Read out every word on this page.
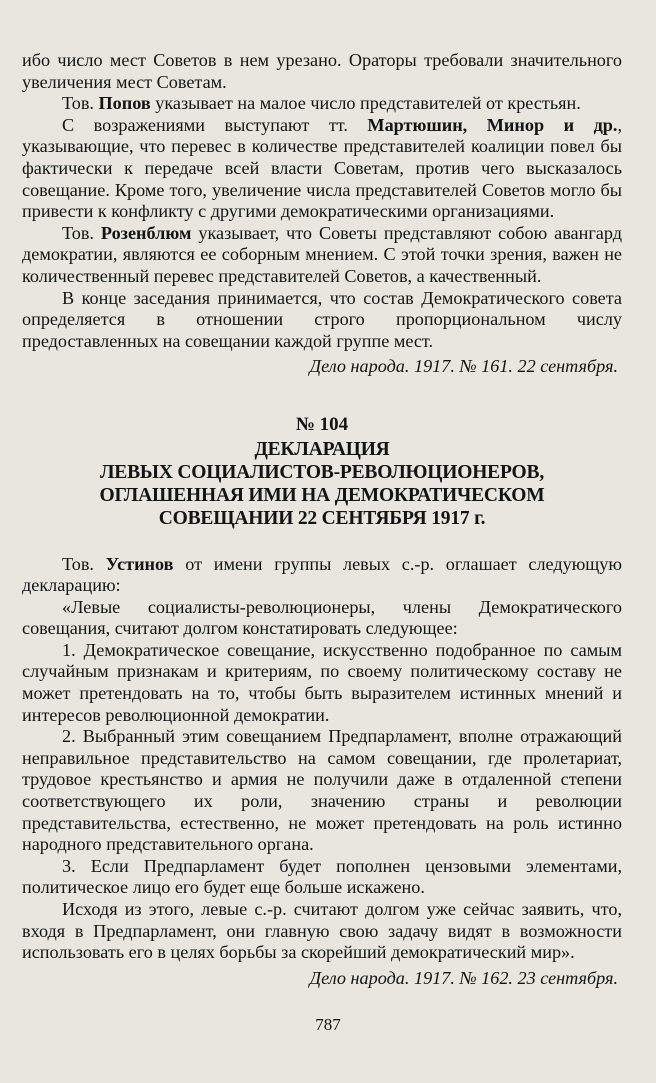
ибо число мест Советов в нем урезано. Ораторы требовали значительного увеличения мест Советам.

Тов. Попов указывает на малое число представителей от крестьян.

С возражениями выступают тт. Мартюшин, Минор и др., указывающие, что перевес в количестве представителей коалиции повел бы фактически к передаче всей власти Советам, против чего высказалось совещание. Кроме того, увеличение числа представителей Советов могло бы привести к конфликту с другими демократическими организациями.

Тов. Розенблюм указывает, что Советы представляют собою авангард демократии, являются ее соборным мнением. С этой точки зрения, важен не количественный перевес представителей Советов, а качественный.

В конце заседания принимается, что состав Демократического совета определяется в отношении строго пропорциональном числу предоставленных на совещании каждой группе мест.

Дело народа. 1917. № 161. 22 сентября.

№ 104
ДЕКЛАРАЦИЯ
ЛЕВЫХ СОЦИАЛИСТОВ-РЕВОЛЮЦИОНЕРОВ,
ОГЛАШЕННАЯ ИМИ НА ДЕМОКРАТИЧЕСКОМ
СОВЕЩАНИИ 22 СЕНТЯБРЯ 1917 г.

Тов. Устинов от имени группы левых с.-р. оглашает следующую декларацию:

«Левые социалисты-революционеры, члены Демократического совещания, считают долгом констатировать следующее:

1. Демократическое совещание, искусственно подобранное по самым случайным признакам и критериям, по своему политическому составу не может претендовать на то, чтобы быть выразителем истинных мнений и интересов революционной демократии.

2. Выбранный этим совещанием Предпарламент, вполне отражающий неправильное представительство на самом совещании, где пролетариат, трудовое крестьянство и армия не получили даже в отдаленной степени соответствующего их роли, значению страны и революции представительства, естественно, не может претендовать на роль истинно народного представительного органа.

3. Если Предпарламент будет пополнен цензовыми элементами, политическое лицо его будет еще больше искажено.

Исходя из этого, левые с.-р. считают долгом уже сейчас заявить, что, входя в Предпарламент, они главную свою задачу видят в возможности использовать его в целях борьбы за скорейший демократический мир».

Дело народа. 1917. № 162. 23 сентября.

787
